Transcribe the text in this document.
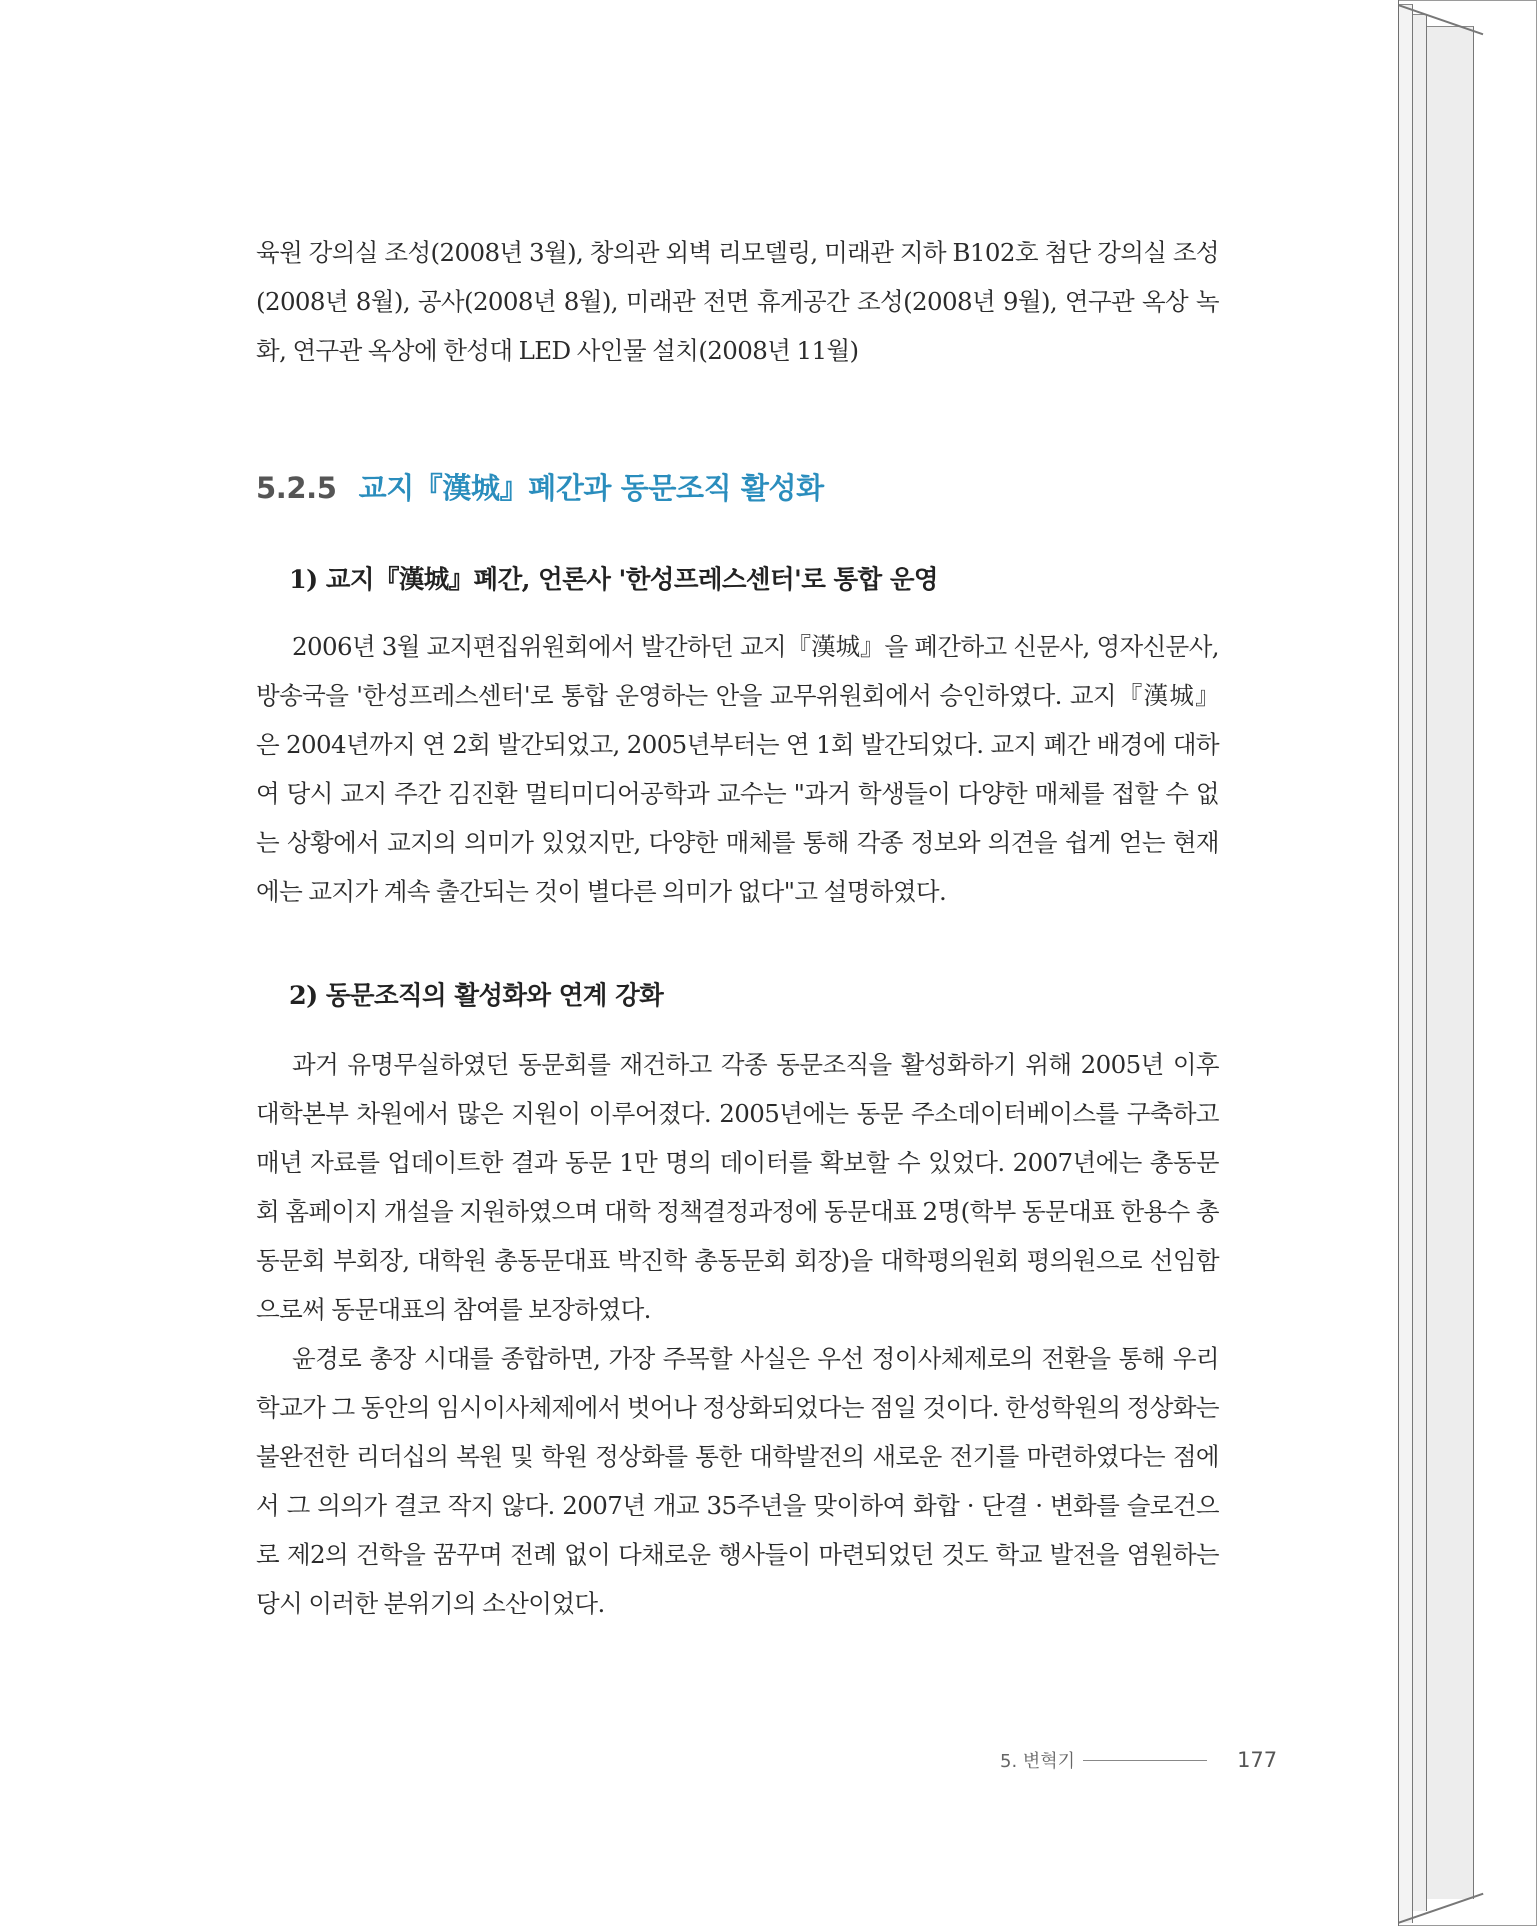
육원 강의실 조성(2008년 3월), 창의관 외벽 리모델링, 미래관 지하 B102호 첨단 강의실 조성(2008년 8월), 공사(2008년 8월), 미래관 전면 휴게공간 조성(2008년 9월), 연구관 옥상 녹화, 연구관 옥상에 한성대 LED 사인물 설치(2008년 11월)

5.2.5 교지『漢城』폐간과 동문조직 활성화
1) 교지『漢城』폐간, 언론사 '한성프레스센터'로 통합 운영

2006년 3월 교지편집위원회에서 발간하던 교지『漢城』을 폐간하고 신문사, 영자신문사, 방송국을 '한성프레스센터'로 통합 운영하는 안을 교무위원회에서 승인하였다. 교지『漢城』은 2004년까지 연 2회 발간되었고, 2005년부터는 연 1회 발간되었다. 교지 폐간 배경에 대하여 당시 교지 주간 김진환 멀티미디어공학과 교수는 "과거 학생들이 다양한 매체를 접할 수 없는 상황에서 교지의 의미가 있었지만, 다양한 매체를 통해 각종 정보와 의견을 쉽게 얻는 현재에는 교지가 계속 출간되는 것이 별다른 의미가 없다"고 설명하였다.

2) 동문조직의 활성화와 연계 강화

과거 유명무실하였던 동문회를 재건하고 각종 동문조직을 활성화하기 위해 2005년 이후 대학본부 차원에서 많은 지원이 이루어졌다. 2005년에는 동문 주소데이터베이스를 구축하고 매년 자료를 업데이트한 결과 동문 1만 명의 데이터를 확보할 수 있었다. 2007년에는 총동문회 홈페이지 개설을 지원하였으며 대학 정책결정과정에 동문대표 2명(학부 동문대표 한용수 총동문회 부회장, 대학원 총동문대표 박진학 총동문회 회장)을 대학평의원회 평의원으로 선임함으로써 동문대표의 참여를 보장하였다.

윤경로 총장 시대를 종합하면, 가장 주목할 사실은 우선 정이사체제로의 전환을 통해 우리 학교가 그 동안의 임시이사체제에서 벗어나 정상화되었다는 점일 것이다. 한성학원의 정상화는 불완전한 리더십의 복원 및 학원 정상화를 통한 대학발전의 새로운 전기를 마련하였다는 점에서 그 의의가 결코 작지 않다. 2007년 개교 35주년을 맞이하여 화합 · 단결 · 변화를 슬로건으로 제2의 건학을 꿈꾸며 전례 없이 다채로운 행사들이 마련되었던 것도 학교 발전을 염원하는 당시 이러한 분위기의 소산이었다.

5. 변혁기	177
